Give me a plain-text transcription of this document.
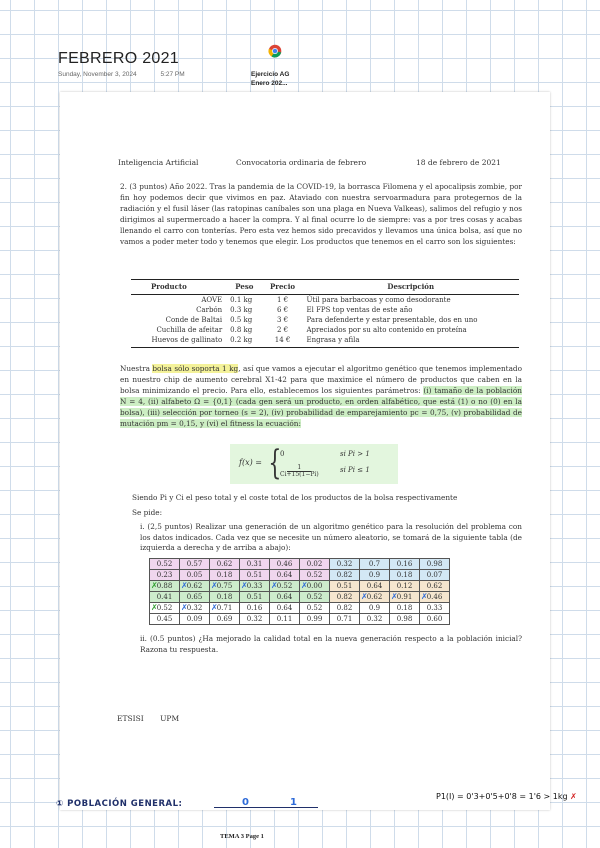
FEBRERO 2021
Sunday, November 3, 2024	5:27 PM	Ejercicio AG
Enero 202...
Inteligencia Artificial	Convocatoria ordinaria de febrero	18 de febrero de 2021
2. (3 puntos) Año 2022. Tras la pandemia de la COVID-19, la borrasca Filomena y el apocalipsis zombie, por fin hoy podemos decir que vivimos en paz. Ataviado con nuestra servoarmadura para protegernos de la radiación y el fusil láser (las ratopinas caníbales son una plaga en Nueva Valkeas), salimos del refugio y nos dirigimos al supermercado a hacer la compra. Y al final ocurre lo de siempre: vas a por tres cosas y acabas llenando el carro con tonterías. Pero esta vez hemos sido precavidos y llevamos una única bolsa, así que no vamos a poder meter todo y tenemos que elegir. Los productos que tenemos en el carro son los siguientes:
Producto	Peso	Precio	Descripción
AOVE	0.1 kg	1 €	Útil para barbacoas y como desodorante
Carbón	0.3 kg	6 €	El FPS top ventas de este año
Conde de Baltai	0.5 kg	3 €	Para defenderte y estar presentable, dos en uno
Cuchilla de afeitar	0.8 kg	2 €	Apreciados por su alto contenido en proteína
Huevos de gallinato	0.2 kg	14 €	Engrasa y afila
Nuestra bolsa sólo soporta 1 kg, así que vamos a ejecutar el algoritmo genético que tenemos implementado en nuestro chip de aumento cerebral X1-42 para que maximice el número de productos que caben en la bolsa minimizando el precio. Para ello, establecemos los siguientes parámetros: (i) tamaño de la población N = 4, (ii) alfabeto Ω = {0,1} (cada gen será un producto, en orden alfabético, que está (1) o no (0) en la bolsa), (iii) selección por torneo (s = 2), (iv) probabilidad de emparejamiento pc = 0,75, (v) probabilidad de mutación pm = 0,15, y (vi) el fitness la ecuación:
f(x) = {
0
$\frac{1}{Ci+15(1-Pi)}$
si Pi > 1
si Pi ≤ 1
Siendo Pi y Ci el peso total y el coste total de los productos de la bolsa respectivamente
Se pide:
i. (2,5 puntos) Realizar una generación de un algoritmo genético para la resolución del problema con los datos indicados. Cada vez que se necesite un número aleatorio, se tomará de la siguiente tabla (de izquierda a derecha y de arriba a abajo):
0.52	0.57	0.62	0.31	0.46	0.02	0.32	0.7	0.16	0.98
0.23	0.05	0.18	0.51	0.64	0.52	0.82	0.9	0.18	0.07

✗ 0.88	✗ 0.62	✗ 0.75	✗ 0.33	✗ 0.52	✗ 0.00	0.51	0.64	0.12	0.62
0.41	0.65	0.18	0.51	0.64	0.52	0.82	✗ 0.62	✗ 0.91	✗ 0.46

✗ 0.52	✗ 0.32	✗ 0.71	0.16	0.64	0.52	0.82	0.9	0.18	0.33
0.45	0.09	0.69	0.32	0.11	0.99	0.71	0.32	0.98	0.60
ii. (0.5 puntos) ¿Ha mejorado la calidad total en la nueva generación respecto a la población inicial? Razona tu respuesta.
ETSISI UPM
① POBLACIÓN GENERAL:	0	1
P1(I) = 0'3+0'5+0'8 = 1'6 > 1kg ✗
TEMA 3 Page 1
